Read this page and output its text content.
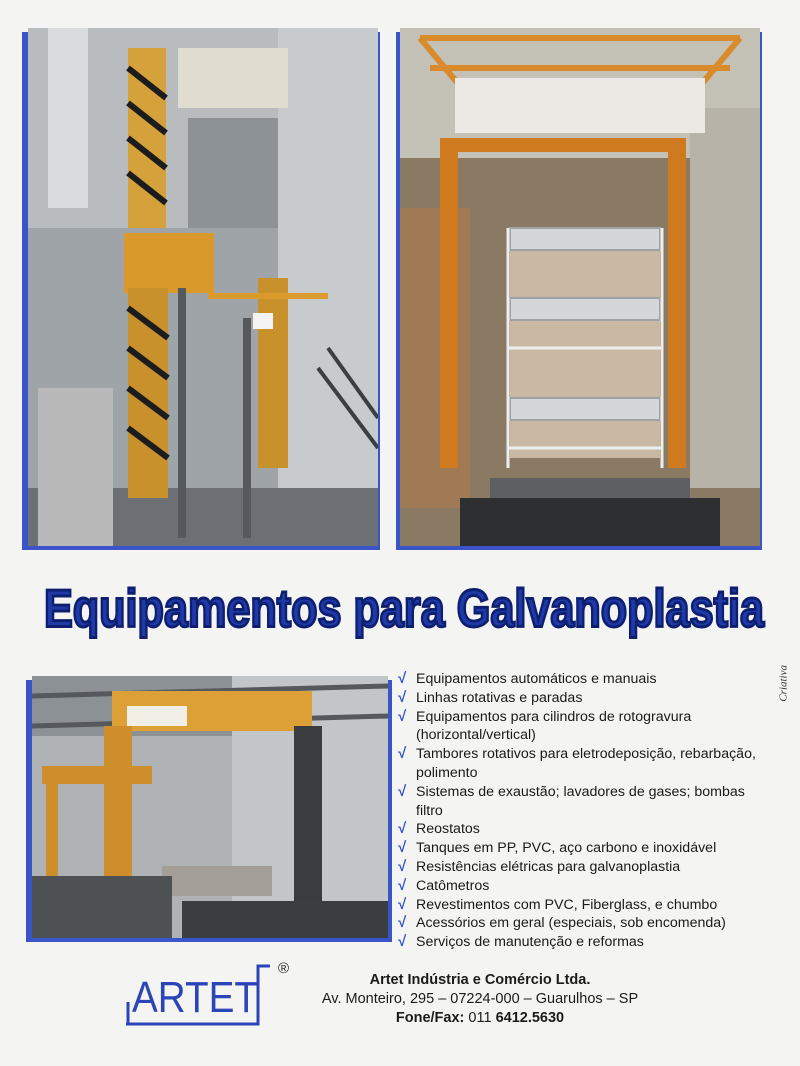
Equipamentos para Galvanoplastia
Criativa
√ Equipamentos automáticos e manuais
√ Linhas rotativas e paradas
√ Equipamentos para cilindros de rotogravura (horizontal/vertical)
√ Tambores rotativos para eletrodeposição, rebarbação, polimento
√ Sistemas de exaustão; lavadores de gases; bombas filtro
√ Reostatos
√ Tanques em PP, PVC, aço carbono e inoxidável
√ Resistências elétricas para galvanoplastia
√ Catômetros
√ Revestimentos com PVC, Fiberglass, e chumbo
√ Acessórios em geral (especiais, sob encomenda)
√ Serviços de manutenção e reformas
ARTET
®
Artet Indústria e Comércio Ltda.
Av. Monteiro, 295 – 07224-000 – Guarulhos – SP
Fone/Fax: 011 6412.5630
